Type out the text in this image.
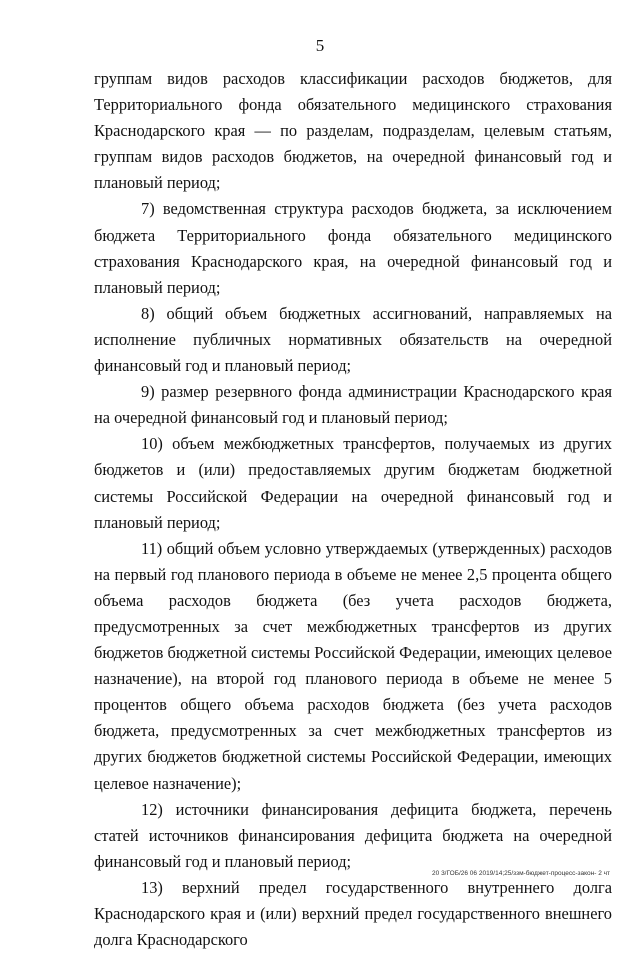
5

группам видов расходов классификации расходов бюджетов, для Территориального фонда обязательного медицинского страхования Краснодарского края — по разделам, подразделам, целевым статьям, группам видов расходов бюджетов, на очередной финансовый год и плановый период;

7) ведомственная структура расходов бюджета, за исключением бюджета Территориального фонда обязательного медицинского страхования Краснодарского края, на очередной финансовый год и плановый период;

8) общий объем бюджетных ассигнований, направляемых на исполнение публичных нормативных обязательств на очередной финансовый год и плановый период;

9) размер резервного фонда администрации Краснодарского края на очередной финансовый год и плановый период;

10) объем межбюджетных трансфертов, получаемых из других бюджетов и (или) предоставляемых другим бюджетам бюджетной системы Российской Федерации на очередной финансовый год и плановый период;

11) общий объем условно утверждаемых (утвержденных) расходов на первый год планового периода в объеме не менее 2,5 процента общего объема расходов бюджета (без учета расходов бюджета, предусмотренных за счет межбюджетных трансфертов из других бюджетов бюджетной системы Российской Федерации, имеющих целевое назначение), на второй год планового периода в объеме не менее 5 процентов общего объема расходов бюджета (без учета расходов бюджета, предусмотренных за счет межбюджетных трансфертов из других бюджетов бюджетной системы Российской Федерации, имеющих целевое назначение);

12) источники финансирования дефицита бюджета, перечень статей источников финансирования дефицита бюджета на очередной финансовый год и плановый период;

13) верхний предел государственного внутреннего долга Краснодарского края и (или) верхний предел государственного внешнего долга Краснодарского

20 3/ГОБ/26 06 2019/14;25/ззм-бюджет-процесс-закон- 2 чт
